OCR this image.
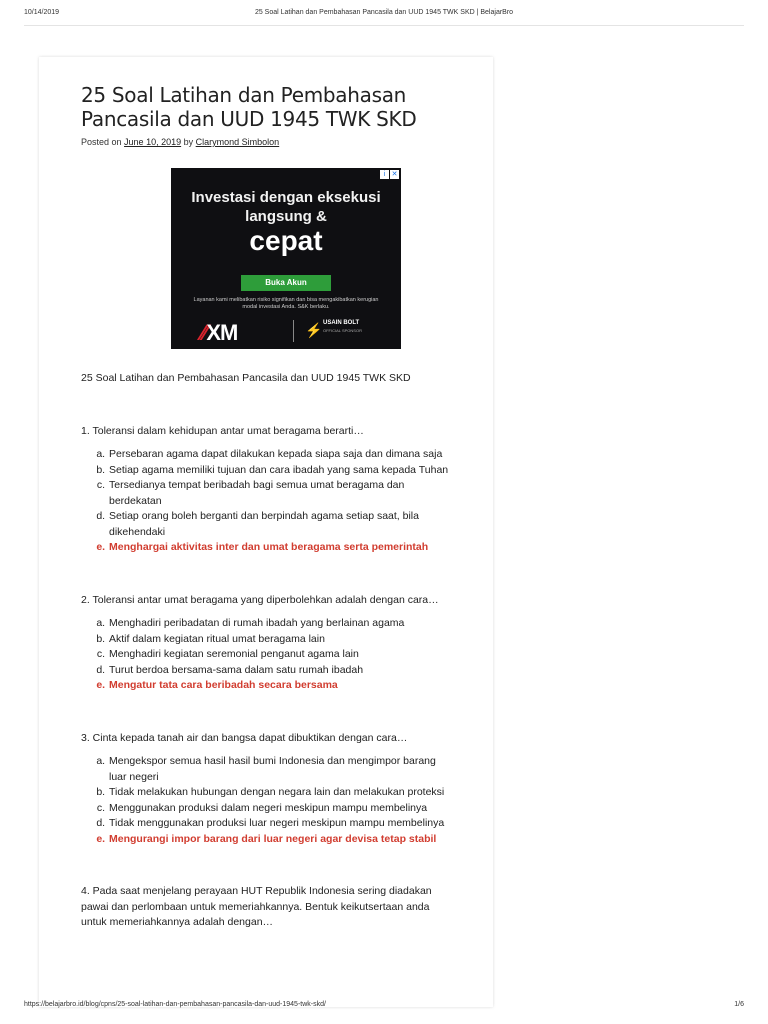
10/14/2019	25 Soal Latihan dan Pembahasan Pancasila dan UUD 1945 TWK SKD | BelajarBro
25 Soal Latihan dan Pembahasan Pancasila dan UUD 1945 TWK SKD
Posted on June 10, 2019 by Clarymond Simbolon
i ✕
Investasi dengan eksekusi langsung &
cepat
Buka Akun
Layanan kami melibatkan risiko signifikan dan bisa mengakibatkan kerugian modal investasi Anda. S&K berlaku.
⁄⁄XM	⚡ USAIN BOLT
OFFICIAL SPONSOR

25 Soal Latihan dan Pembahasan Pancasila dan UUD 1945 TWK SKD

1. Toleransi dalam kehidupan antar umat beragama berarti…

a. Persebaran agama dapat dilakukan kepada siapa saja dan dimana saja
b. Setiap agama memiliki tujuan dan cara ibadah yang sama kepada Tuhan
c. Tersedianya tempat beribadah bagi semua umat beragama dan berdekatan
d. Setiap orang boleh berganti dan berpindah agama setiap saat, bila dikehendaki
e. Menghargai aktivitas inter dan umat beragama serta pemerintah

2. Toleransi antar umat beragama yang diperbolehkan adalah dengan cara…

a. Menghadiri peribadatan di rumah ibadah yang berlainan agama
b. Aktif dalam kegiatan ritual umat beragama lain
c. Menghadiri kegiatan seremonial penganut agama lain
d. Turut berdoa bersama-sama dalam satu rumah ibadah
e. Mengatur tata cara beribadah secara bersama

3. Cinta kepada tanah air dan bangsa dapat dibuktikan dengan cara…

a. Mengekspor semua hasil hasil bumi Indonesia dan mengimpor barang luar negeri
b. Tidak melakukan hubungan dengan negara lain dan melakukan proteksi
c. Menggunakan produksi dalam negeri meskipun mampu membelinya
d. Tidak menggunakan produksi luar negeri meskipun mampu membelinya
e. Mengurangi impor barang dari luar negeri agar devisa tetap stabil

4. Pada saat menjelang perayaan HUT Republik Indonesia sering diadakan pawai dan perlombaan untuk memeriahkannya. Bentuk keikutsertaan anda untuk memeriahkannya adalah dengan…

https://belajarbro.id/blog/cpns/25-soal-latihan-dan-pembahasan-pancasila-dan-uud-1945-twk-skd/	1/6
